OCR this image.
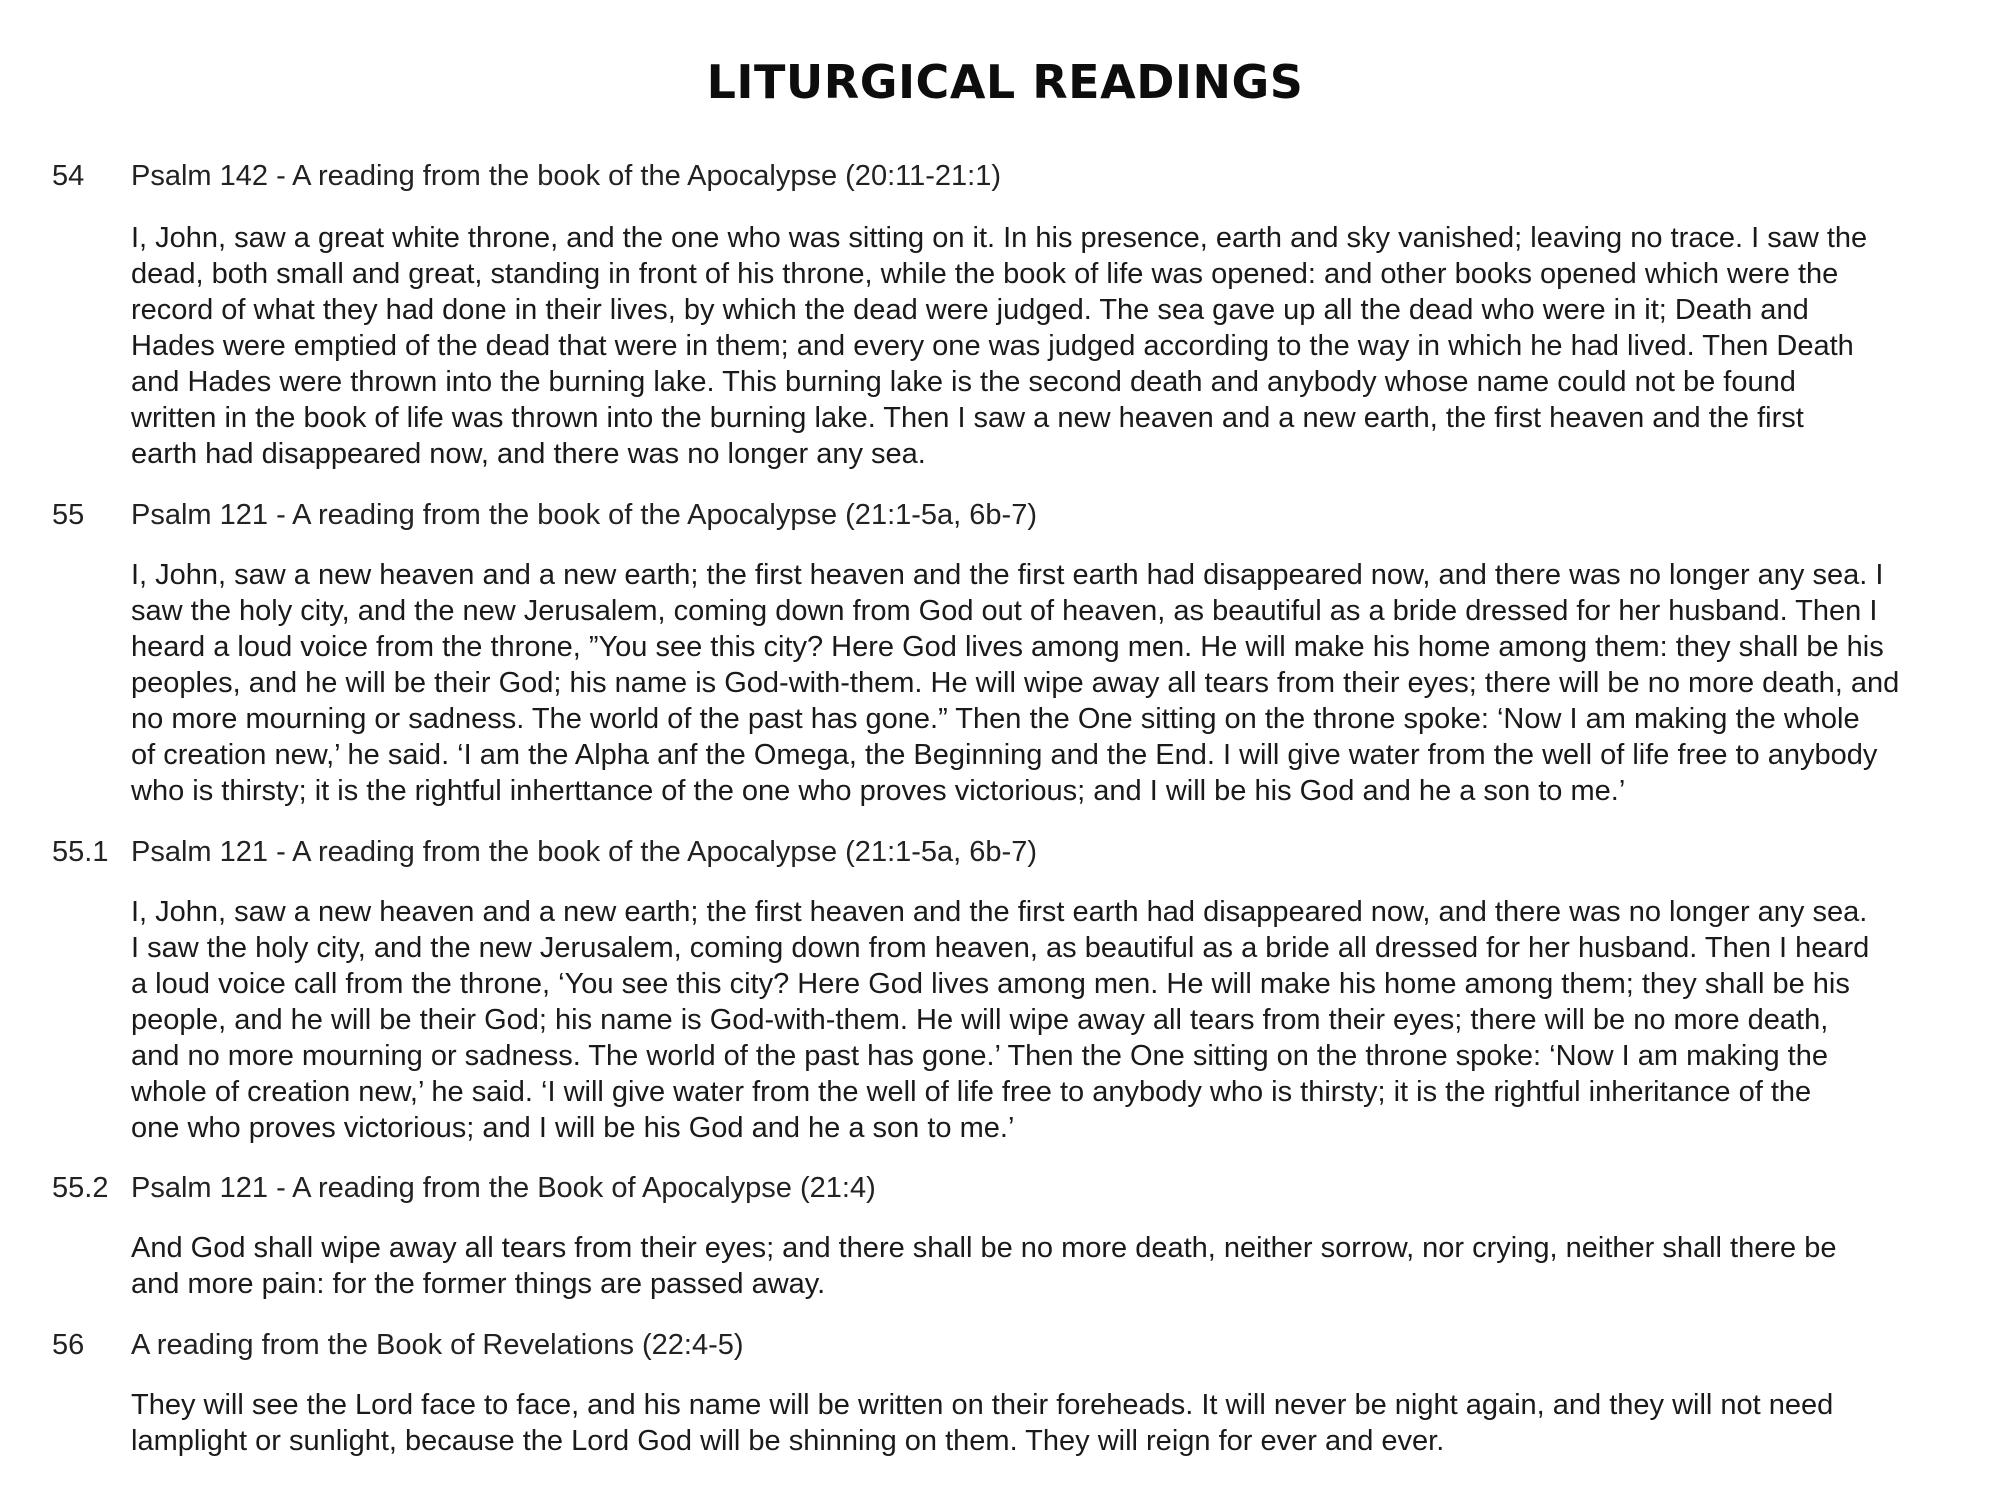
LITURGICAL READINGS
54 Psalm 142 - A reading from the book of the Apocalypse (20:11-21:1)
I, John, saw a great white throne, and the one who was sitting on it. In his presence, earth and sky vanished; leaving no trace. I saw the
dead, both small and great, standing in front of his throne, while the book of life was opened: and other books opened which were the
record of what they had done in their lives, by which the dead were judged. The sea gave up all the dead who were in it; Death and
Hades were emptied of the dead that were in them; and every one was judged according to the way in which he had lived. Then Death
and Hades were thrown into the burning lake. This burning lake is the second death and anybody whose name could not be found
written in the book of life was thrown into the burning lake. Then I saw a new heaven and a new earth, the first heaven and the first
earth had disappeared now, and there was no longer any sea.
55 Psalm 121 - A reading from the book of the Apocalypse (21:1-5a, 6b-7)
I, John, saw a new heaven and a new earth; the first heaven and the first earth had disappeared now, and there was no longer any sea. I
saw the holy city, and the new Jerusalem, coming down from God out of heaven, as beautiful as a bride dressed for her husband. Then I
heard a loud voice from the throne, ”You see this city? Here God lives among men. He will make his home among them: they shall be his
peoples, and he will be their God; his name is God-with-them. He will wipe away all tears from their eyes; there will be no more death, and
no more mourning or sadness. The world of the past has gone.” Then the One sitting on the throne spoke: ‘Now I am making the whole
of creation new,’ he said. ‘I am the Alpha anf the Omega, the Beginning and the End. I will give water from the well of life free to anybody
who is thirsty; it is the rightful inherttance of the one who proves victorious; and I will be his God and he a son to me.’
55.1 Psalm 121 - A reading from the book of the Apocalypse (21:1-5a, 6b-7)
I, John, saw a new heaven and a new earth; the first heaven and the first earth had disappeared now, and there was no longer any sea.
I saw the holy city, and the new Jerusalem, coming down from heaven, as beautiful as a bride all dressed for her husband. Then I heard
a loud voice call from the throne, ‘You see this city? Here God lives among men. He will make his home among them; they shall be his
people, and he will be their God; his name is God-with-them. He will wipe away all tears from their eyes; there will be no more death,
and no more mourning or sadness. The world of the past has gone.’ Then the One sitting on the throne spoke: ‘Now I am making the
whole of creation new,’ he said. ‘I will give water from the well of life free to anybody who is thirsty; it is the rightful inheritance of the
one who proves victorious; and I will be his God and he a son to me.’
55.2 Psalm 121 - A reading from the Book of Apocalypse (21:4)
And God shall wipe away all tears from their eyes; and there shall be no more death, neither sorrow, nor crying, neither shall there be
and more pain: for the former things are passed away.
56 A reading from the Book of Revelations (22:4-5)
They will see the Lord face to face, and his name will be written on their foreheads. It will never be night again, and they will not need
lamplight or sunlight, because the Lord God will be shinning on them. They will reign for ever and ever.
